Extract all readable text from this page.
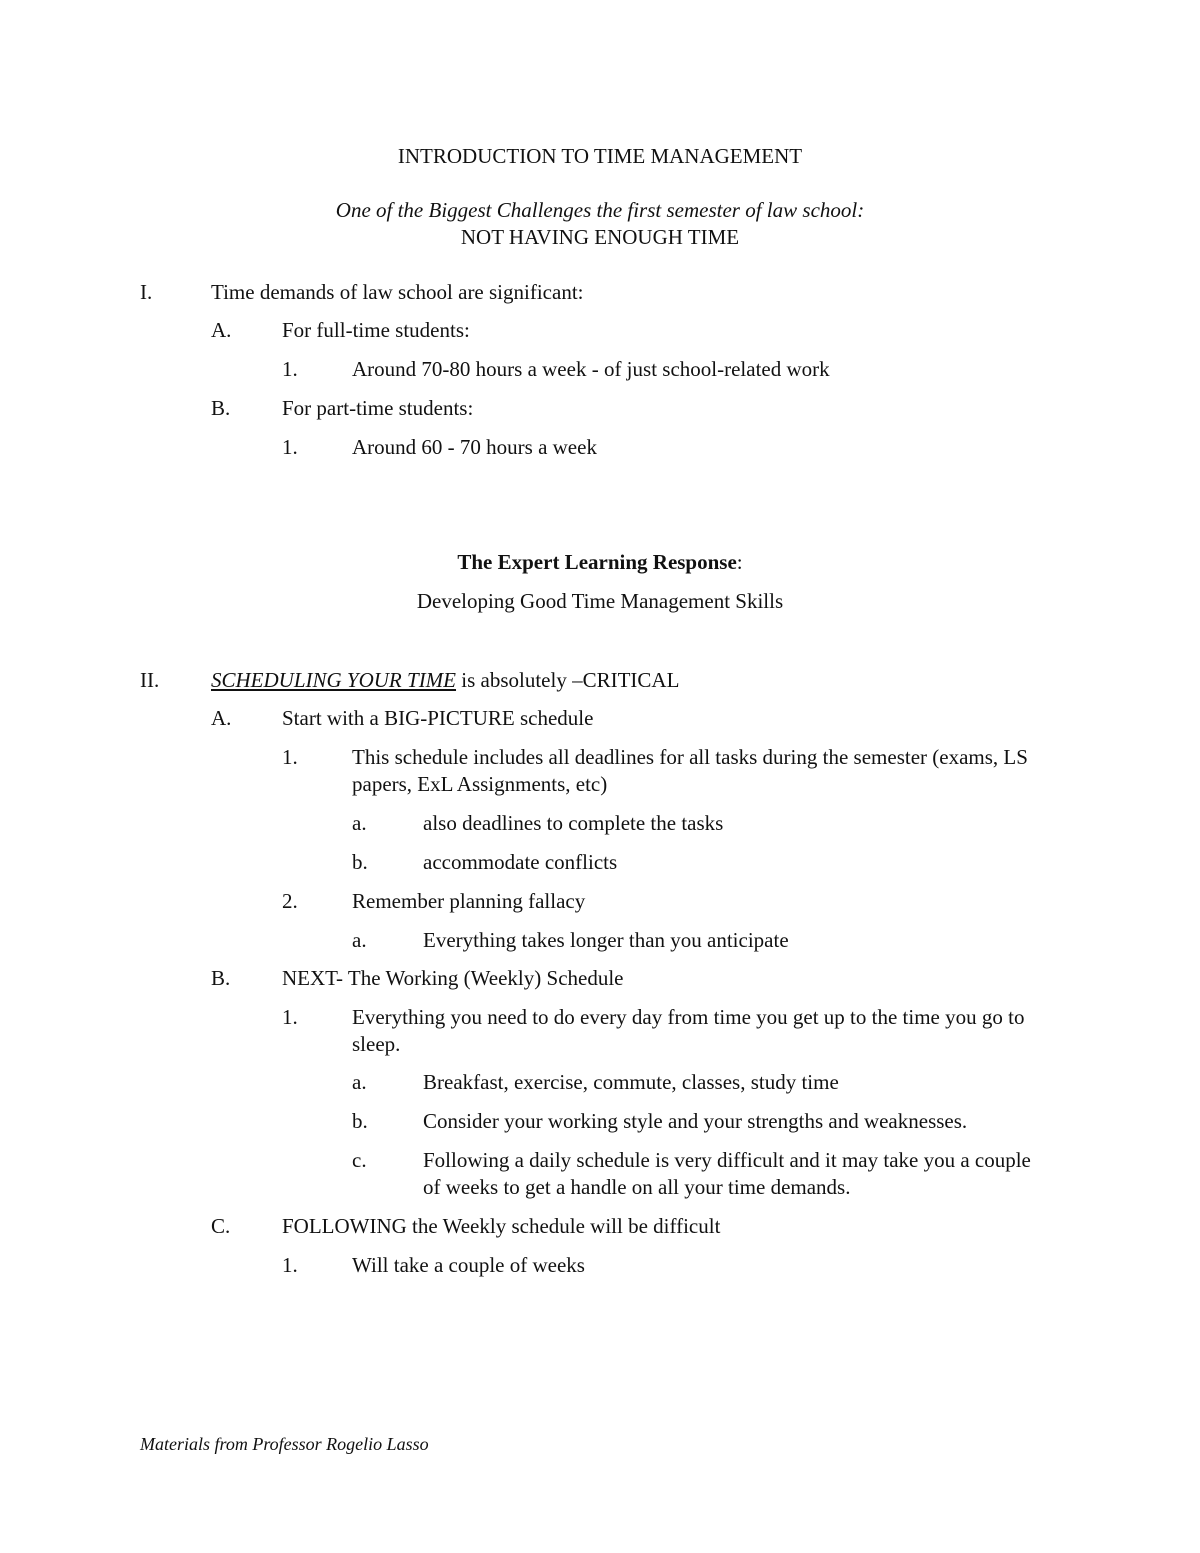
INTRODUCTION TO TIME MANAGEMENT
One of the Biggest Challenges the first semester of law school:
NOT HAVING ENOUGH TIME
I.	Time demands of law school are significant:
A. For full-time students:
1.	Around 70-80 hours a week - of just school-related work
B. For part-time students:
1.	Around 60 - 70 hours a week
The Expert Learning Response:
Developing Good Time Management Skills
II. SCHEDULING YOUR TIME is absolutely –CRITICAL
A. Start with a BIG-PICTURE schedule
1.	This schedule includes all deadlines for all tasks during the semester (exams, LS papers, ExL Assignments, etc)
a.	also deadlines to complete the tasks
b.	accommodate conflicts
2.	Remember planning fallacy
a.	Everything takes longer than you anticipate
B. NEXT- The Working (Weekly) Schedule
1.	Everything you need to do every day from time you get up to the time you go to sleep.
a.	Breakfast, exercise, commute, classes, study time
b.	Consider your working style and your strengths and weaknesses.
c.	Following a daily schedule is very difficult and it may take you a couple of weeks to get a handle on all your time demands.
C. FOLLOWING the Weekly schedule will be difficult
1.	Will take a couple of weeks
Materials from Professor Rogelio Lasso
